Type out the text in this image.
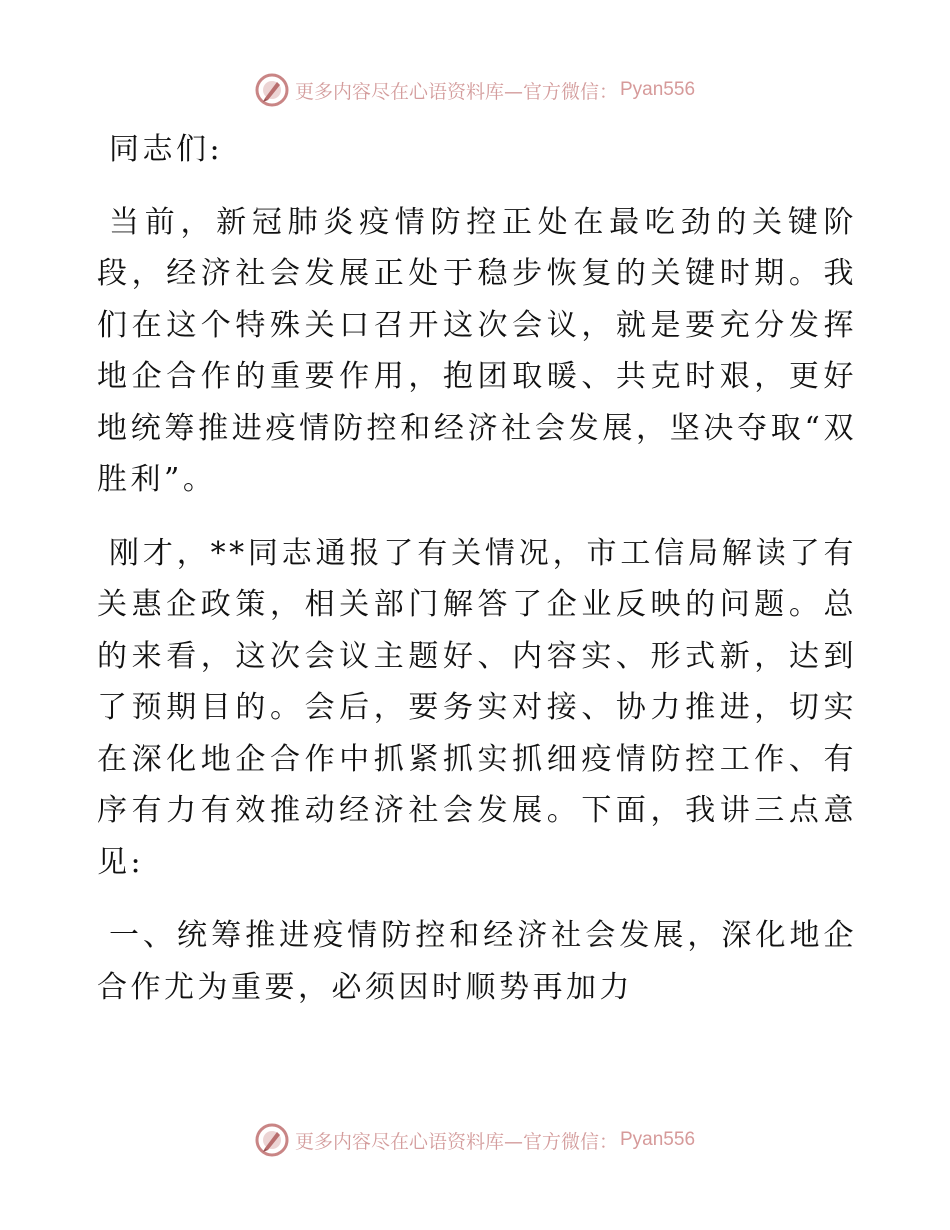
更多内容尽在心语资料库—官方微信： Pyan556

同志们:

当前，新冠肺炎疫情防控正处在最吃劲的关键阶段，经济社会发展正处于稳步恢复的关键时期。我们在这个特殊关口召开这次会议，就是要充分发挥地企合作的重要作用，抱团取暖、共克时艰，更好地统筹推进疫情防控和经济社会发展，坚决夺取“双胜利”。

刚才，**同志通报了有关情况，市工信局解读了有关惠企政策，相关部门解答了企业反映的问题。总的来看，这次会议主题好、内容实、形式新，达到了预期目的。会后，要务实对接、协力推进，切实在深化地企合作中抓紧抓实抓细疫情防控工作、有序有力有效推动经济社会发展。下面，我讲三点意见:

一、统筹推进疫情防控和经济社会发展，深化地企合作尤为重要，必须因时顺势再加力

更多内容尽在心语资料库—官方微信： Pyan556
